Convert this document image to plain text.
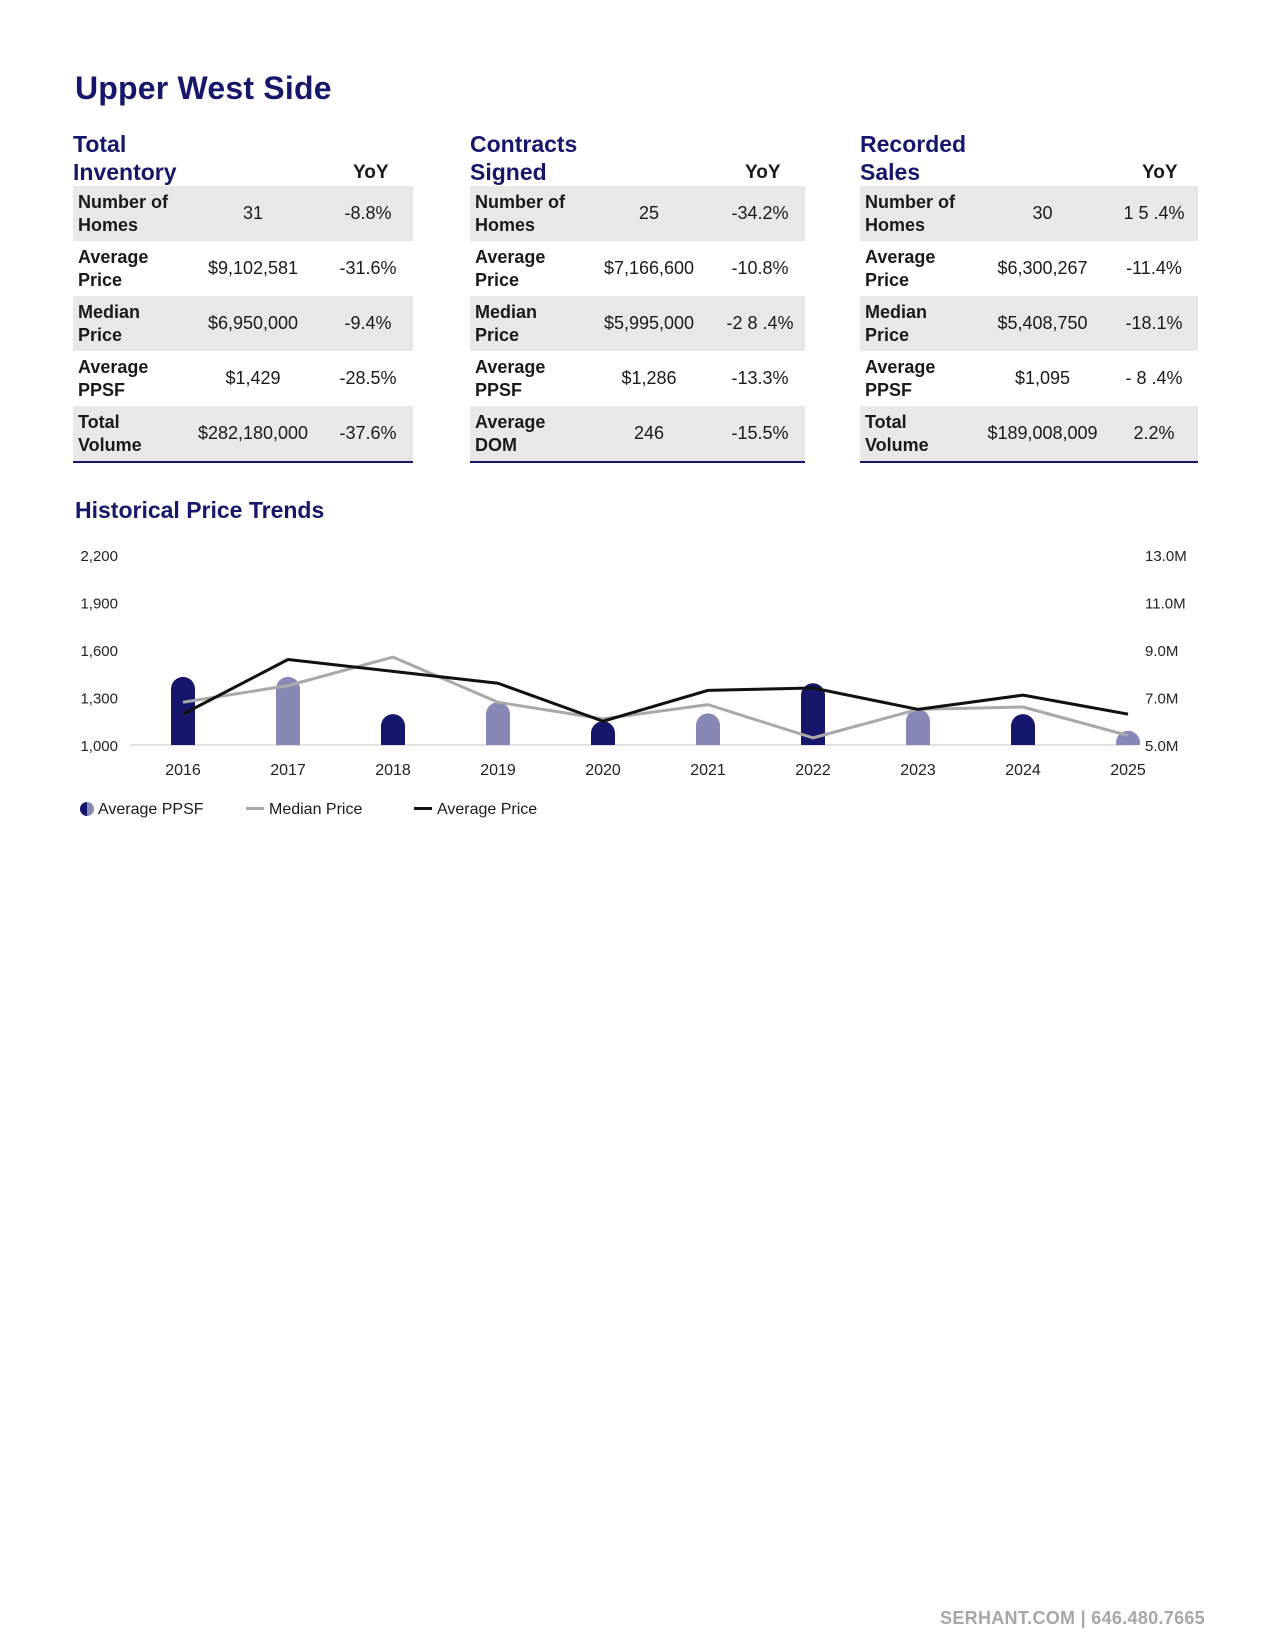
Upper West Side
Total
Inventory	YoY
Number of
Homes
31	-8.8%
Average
Price
$9,102,581	-31.6%
Median
Price
$6,950,000	-9.4%
Average
PPSF
$1,429	-28.5%
Total
Volume
$282,180,000	-37.6%
Contracts
Signed	YoY
Number of
Homes
25	-34.2%
Average
Price
$7,166,600	-10.8%
Median
Price
$5,995,000	-2 8 .4%
Average
PPSF
$1,286	-13.3%
Average
DOM
246	-15.5%
Recorded
Sales	YoY
Number of
Homes
30	1 5 .4%
Average
Price
$6,300,267	-11.4%
Median
Price
$5,408,750	-18.1%
Average
PPSF
$1,095	- 8 .4%
Total
Volume
$189,008,009	2.2%
Historical Price Trends
1,000
1,300
1,600
1,900
2,200
5.0M
7.0M
9.0M
11.0M
13.0M
2016	2017	2018	2019	2020	2021	2022	2023	2024	2025
Average PPSF	Median Price	Average Price
SERHANT.COM | 646.480.7665
